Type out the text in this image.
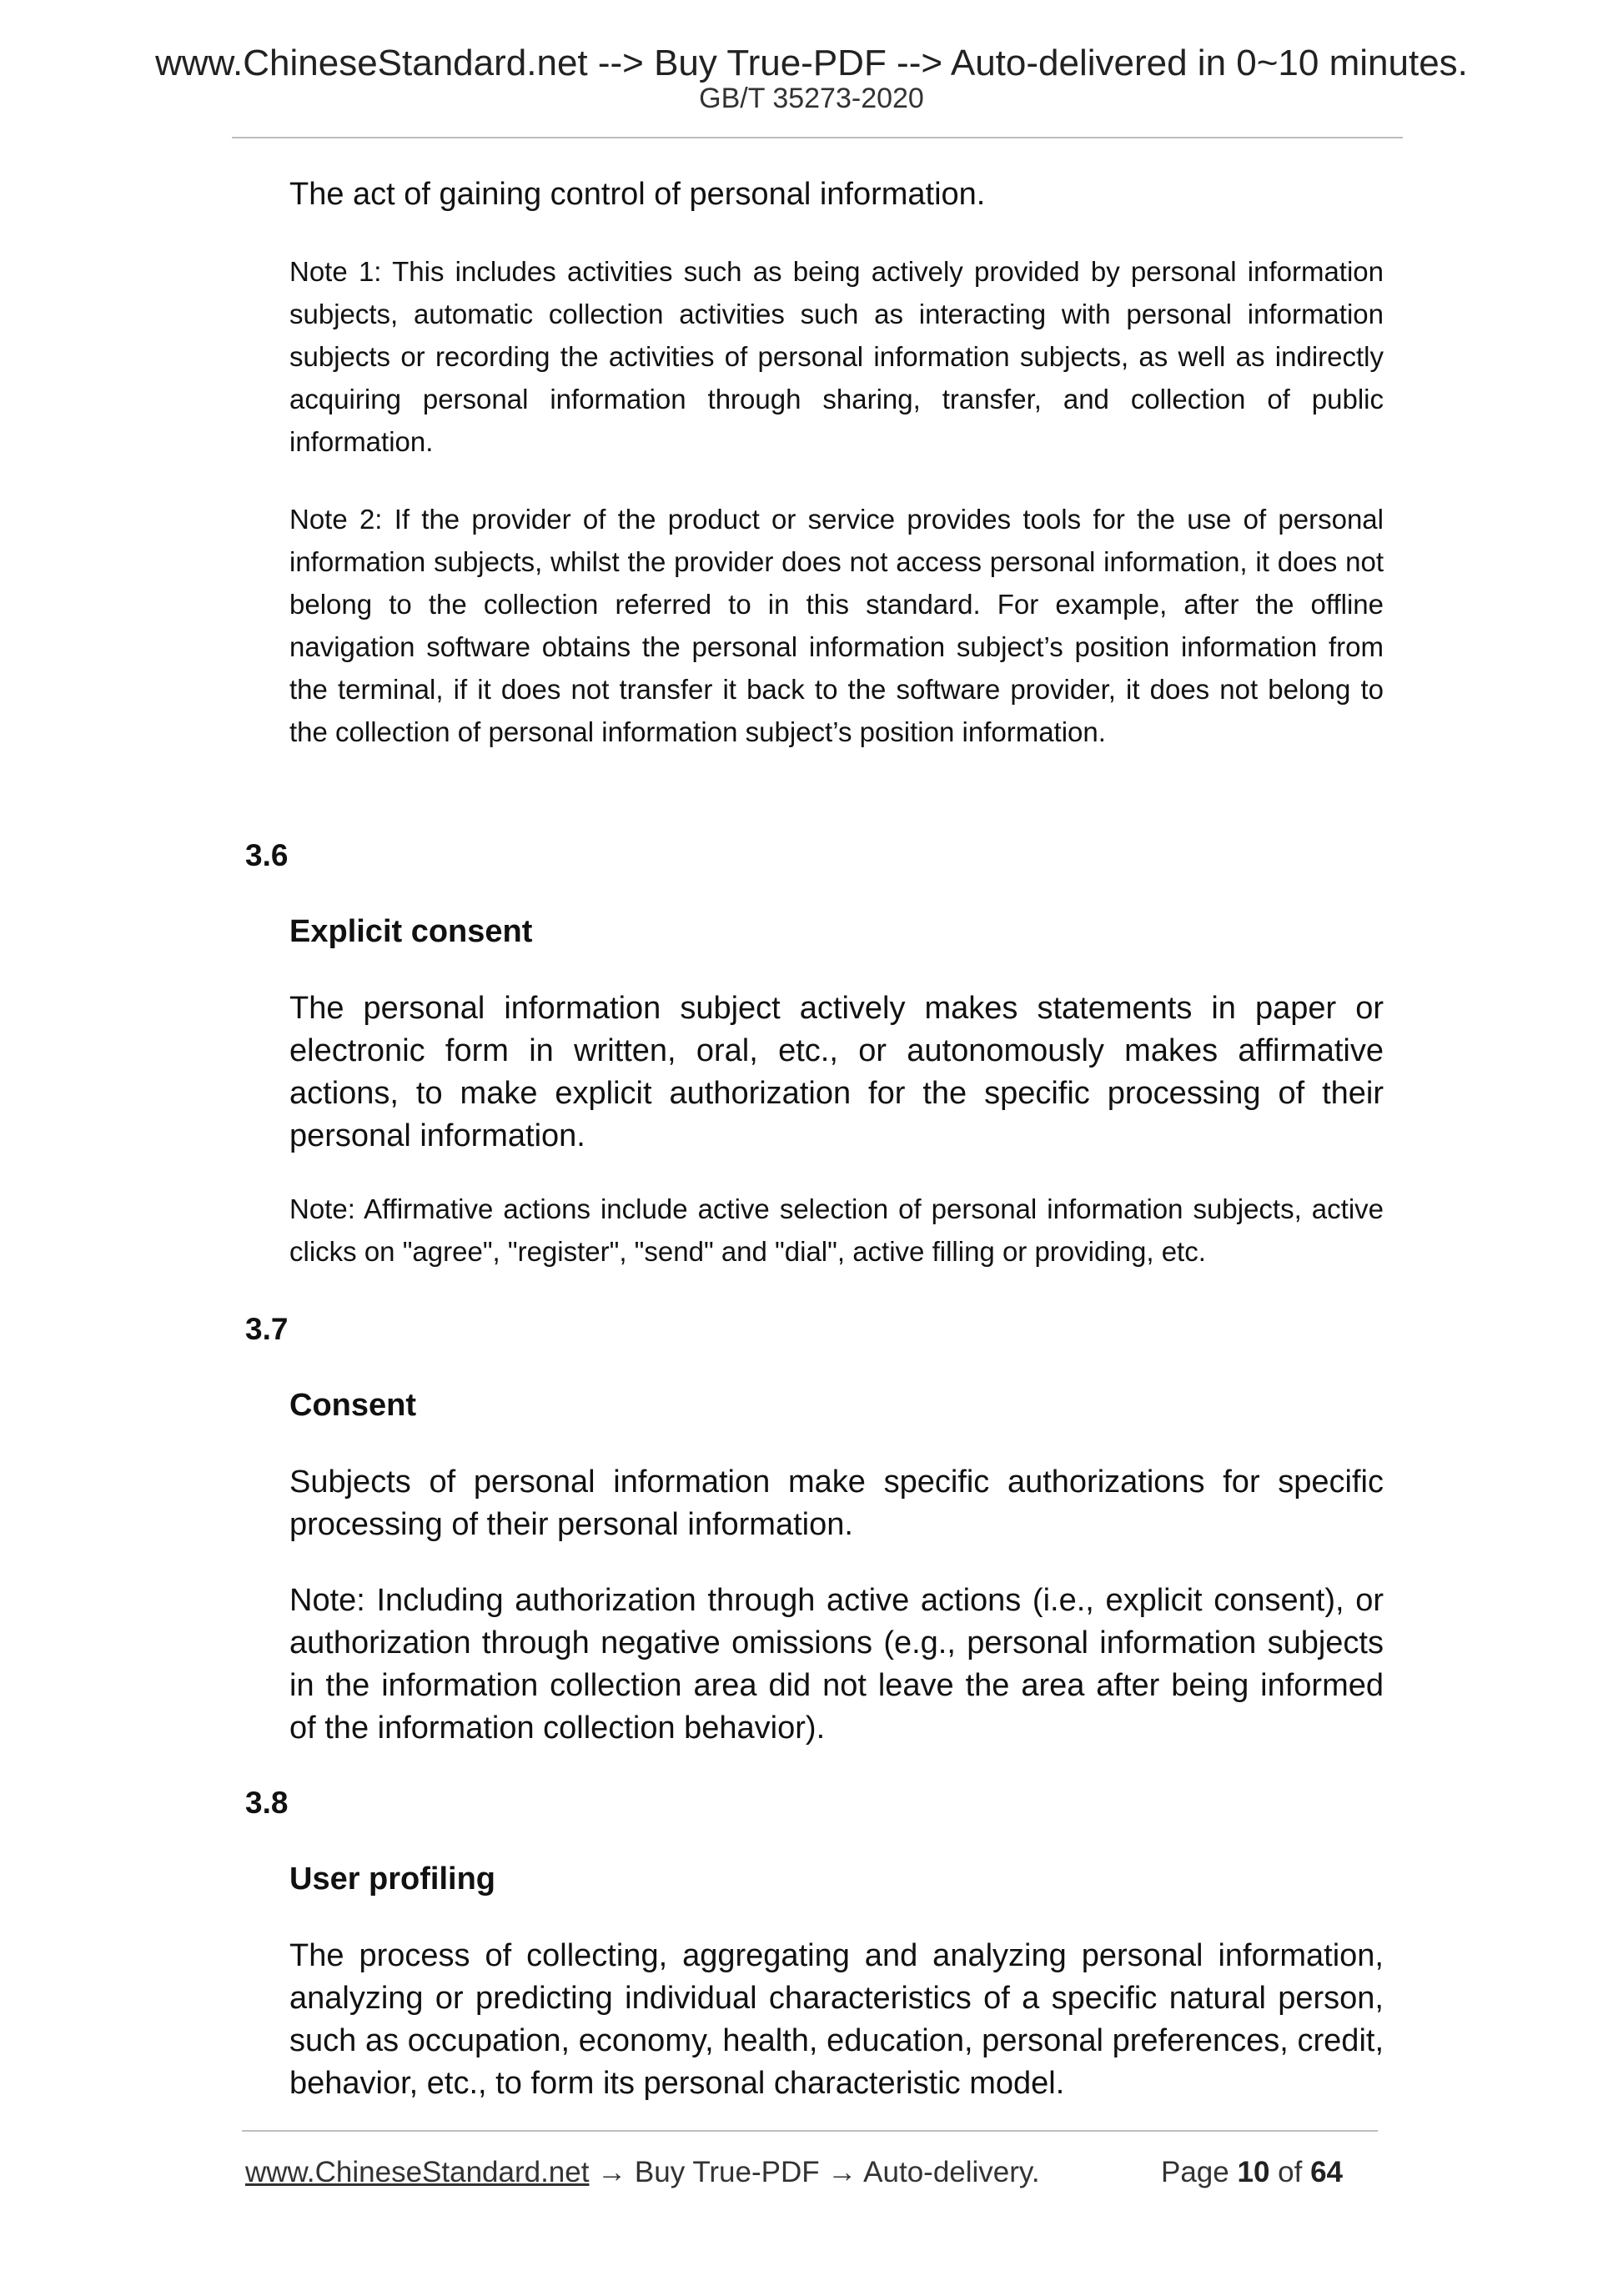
www.ChineseStandard.net --> Buy True-PDF --> Auto-delivered in 0~10 minutes.
GB/T 35273-2020

The act of gaining control of personal information.

Note 1: This includes activities such as being actively provided by personal information subjects, automatic collection activities such as interacting with personal information subjects or recording the activities of personal information subjects, as well as indirectly acquiring personal information through sharing, transfer, and collection of public information.

Note 2: If the provider of the product or service provides tools for the use of personal information subjects, whilst the provider does not access personal information, it does not belong to the collection referred to in this standard. For example, after the offline navigation software obtains the personal information subject’s position information from the terminal, if it does not transfer it back to the software provider, it does not belong to the collection of personal information subject’s position information.

3.6
Explicit consent

The personal information subject actively makes statements in paper or electronic form in written, oral, etc., or autonomously makes affirmative actions, to make explicit authorization for the specific processing of their personal information.

Note: Affirmative actions include active selection of personal information subjects, active clicks on "agree", "register", "send" and "dial", active filling or providing, etc.

3.7
Consent

Subjects of personal information make specific authorizations for specific processing of their personal information.

Note: Including authorization through active actions (i.e., explicit consent), or authorization through negative omissions (e.g., personal information subjects in the information collection area did not leave the area after being informed of the information collection behavior).

3.8
User profiling

The process of collecting, aggregating and analyzing personal information, analyzing or predicting individual characteristics of a specific natural person, such as occupation, economy, health, education, personal preferences, credit, behavior, etc., to form its personal characteristic model.

www.ChineseStandard.net → Buy True-PDF → Auto-delivery.	Page 10 of 64
